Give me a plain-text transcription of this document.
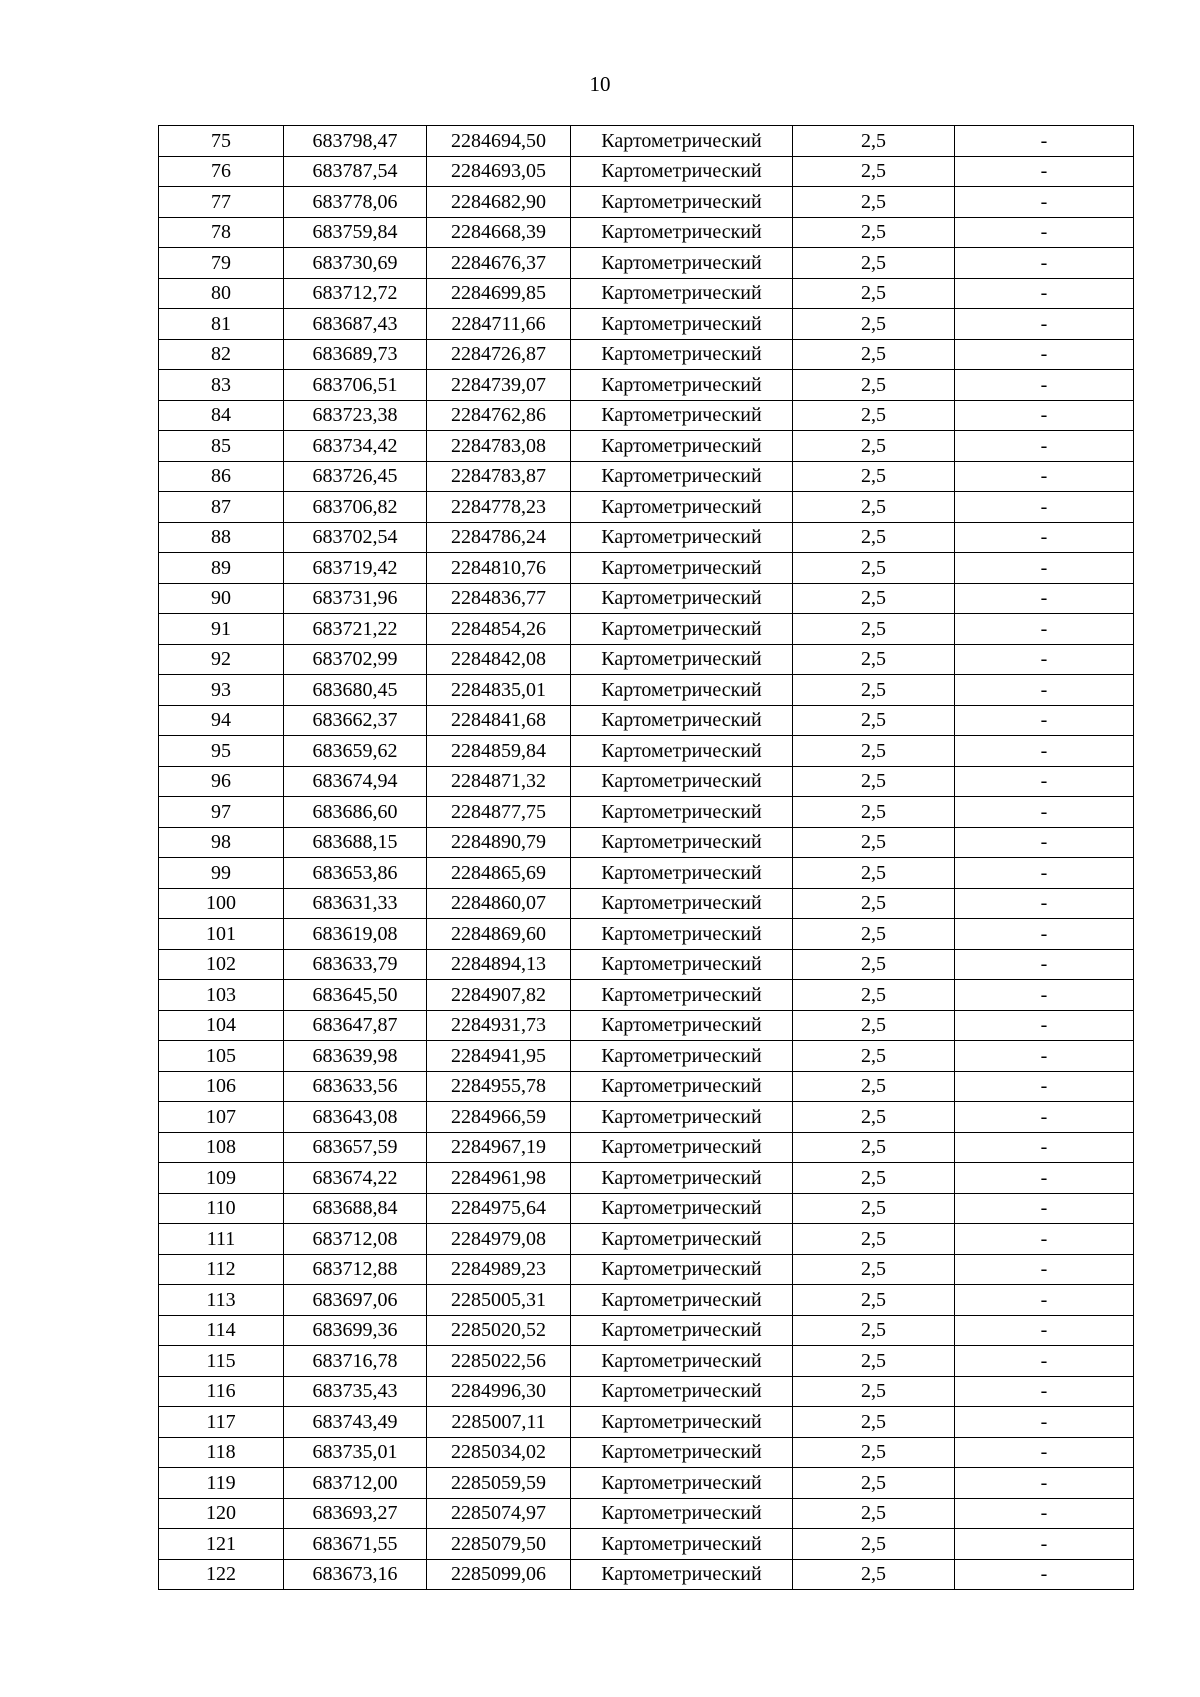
10
75	683798,47	2284694,50	Картометрический	2,5	-
76	683787,54	2284693,05	Картометрический	2,5	-
77	683778,06	2284682,90	Картометрический	2,5	-
78	683759,84	2284668,39	Картометрический	2,5	-
79	683730,69	2284676,37	Картометрический	2,5	-
80	683712,72	2284699,85	Картометрический	2,5	-
81	683687,43	2284711,66	Картометрический	2,5	-
82	683689,73	2284726,87	Картометрический	2,5	-
83	683706,51	2284739,07	Картометрический	2,5	-
84	683723,38	2284762,86	Картометрический	2,5	-
85	683734,42	2284783,08	Картометрический	2,5	-
86	683726,45	2284783,87	Картометрический	2,5	-
87	683706,82	2284778,23	Картометрический	2,5	-
88	683702,54	2284786,24	Картометрический	2,5	-
89	683719,42	2284810,76	Картометрический	2,5	-
90	683731,96	2284836,77	Картометрический	2,5	-
91	683721,22	2284854,26	Картометрический	2,5	-
92	683702,99	2284842,08	Картометрический	2,5	-
93	683680,45	2284835,01	Картометрический	2,5	-
94	683662,37	2284841,68	Картометрический	2,5	-
95	683659,62	2284859,84	Картометрический	2,5	-
96	683674,94	2284871,32	Картометрический	2,5	-
97	683686,60	2284877,75	Картометрический	2,5	-
98	683688,15	2284890,79	Картометрический	2,5	-
99	683653,86	2284865,69	Картометрический	2,5	-
100	683631,33	2284860,07	Картометрический	2,5	-
101	683619,08	2284869,60	Картометрический	2,5	-
102	683633,79	2284894,13	Картометрический	2,5	-
103	683645,50	2284907,82	Картометрический	2,5	-
104	683647,87	2284931,73	Картометрический	2,5	-
105	683639,98	2284941,95	Картометрический	2,5	-
106	683633,56	2284955,78	Картометрический	2,5	-
107	683643,08	2284966,59	Картометрический	2,5	-
108	683657,59	2284967,19	Картометрический	2,5	-
109	683674,22	2284961,98	Картометрический	2,5	-
110	683688,84	2284975,64	Картометрический	2,5	-
111	683712,08	2284979,08	Картометрический	2,5	-
112	683712,88	2284989,23	Картометрический	2,5	-
113	683697,06	2285005,31	Картометрический	2,5	-
114	683699,36	2285020,52	Картометрический	2,5	-
115	683716,78	2285022,56	Картометрический	2,5	-
116	683735,43	2284996,30	Картометрический	2,5	-
117	683743,49	2285007,11	Картометрический	2,5	-
118	683735,01	2285034,02	Картометрический	2,5	-
119	683712,00	2285059,59	Картометрический	2,5	-
120	683693,27	2285074,97	Картометрический	2,5	-
121	683671,55	2285079,50	Картометрический	2,5	-
122	683673,16	2285099,06	Картометрический	2,5	-
